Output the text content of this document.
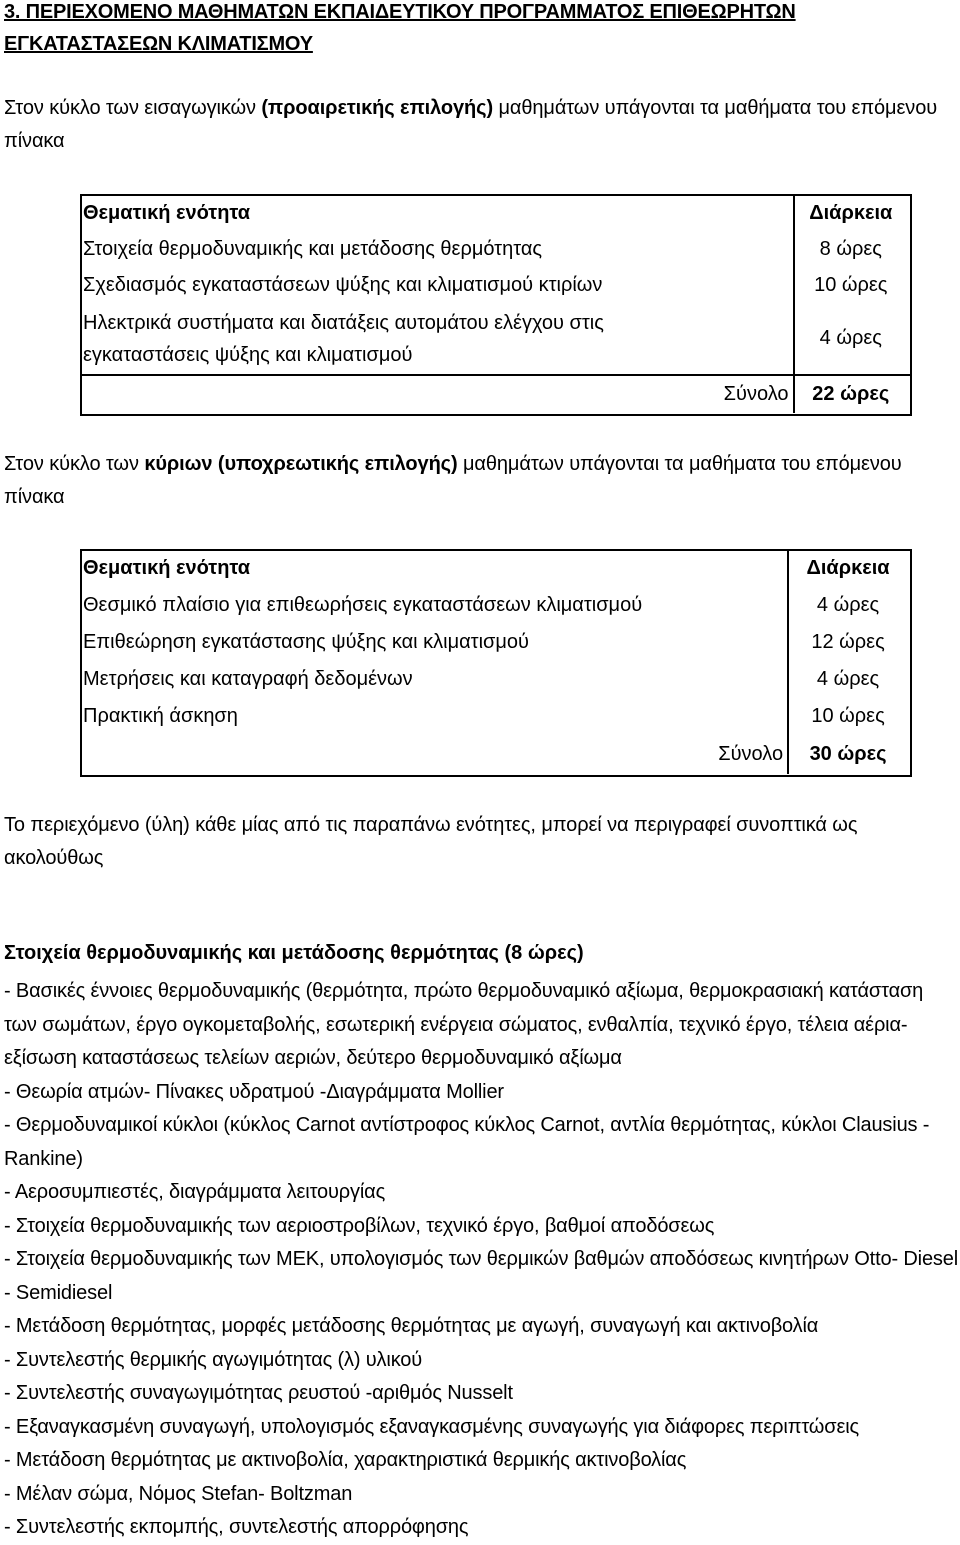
3. ΠΕΡΙΕΧΟΜΕΝΟ ΜΑΘΗΜΑΤΩΝ ΕΚΠΑΙΔΕΥΤΙΚΟΥ ΠΡΟΓΡΑΜΜΑΤΟΣ ΕΠΙΘΕΩΡΗΤΩΝ ΕΓΚΑΤΑΣΤΑΣΕΩΝ ΚΛΙΜΑΤΙΣΜΟΥ
Στον κύκλο των εισαγωγικών (προαιρετικής επιλογής) μαθημάτων υπάγονται τα μαθήματα του επόμενου πίνακα
Θεματική ενότητα	Διάρκεια
Στοιχεία θερμοδυναμικής και μετάδοσης θερμότητας	8 ώρες
Σχεδιασμός εγκαταστάσεων ψύξης και κλιματισμού κτιρίων	10 ώρες
Ηλεκτρικά συστήματα και διατάξεις αυτομάτου ελέγχου στις εγκαταστάσεις ψύξης και κλιματισμού	4 ώρες
Σύνολο	22 ώρες
Στον κύκλο των κύριων (υποχρεωτικής επιλογής) μαθημάτων υπάγονται τα μαθήματα του επόμενου πίνακα
Θεματική ενότητα	Διάρκεια
Θεσμικό πλαίσιο για επιθεωρήσεις εγκαταστάσεων κλιματισμού	4 ώρες
Επιθεώρηση εγκατάστασης ψύξης και κλιματισμού	12 ώρες
Μετρήσεις και καταγραφή δεδομένων	4 ώρες
Πρακτική άσκηση	10 ώρες
Σύνολο	30 ώρες
Το περιεχόμενο (ύλη) κάθε μίας από τις παραπάνω ενότητες, μπορεί να περιγραφεί συνοπτικά ως ακολούθως
Στοιχεία θερμοδυναμικής και μετάδοσης θερμότητας (8 ώρες)
- Βασικές έννοιες θερμοδυναμικής (θερμότητα, πρώτο θερμοδυναμικό αξίωμα, θερμοκρασιακή κατάσταση των σωμάτων, έργο ογκομεταβολής, εσωτερική ενέργεια σώματος, ενθαλπία, τεχνικό έργο, τέλεια αέρια- εξίσωση καταστάσεως τελείων αεριών, δεύτερο θερμοδυναμικό αξίωμα
- Θεωρία ατμών- Πίνακες υδρατμού -Διαγράμματα Mollier
- Θερμοδυναμικοί κύκλοι (κύκλος Carnot αντίστροφος κύκλος Carnot, αντλία θερμότητας, κύκλοι Clausius - Rankine)
- Αεροσυμπιεστές, διαγράμματα λειτουργίας
- Στοιχεία θερμοδυναμικής των αεριοστροβίλων, τεχνικό έργο, βαθμοί αποδόσεως
- Στοιχεία θερμοδυναμικής των ΜΕΚ, υπολογισμός των θερμικών βαθμών αποδόσεως κινητήρων Otto- Diesel - Semidiesel
- Μετάδοση θερμότητας, μορφές μετάδοσης θερμότητας με αγωγή, συναγωγή και ακτινοβολία
- Συντελεστής θερμικής αγωγιμότητας (λ) υλικού
- Συντελεστής συναγωγιμότητας ρευστού -αριθμός Nusselt
- Εξαναγκασμένη συναγωγή, υπολογισμός εξαναγκασμένης συναγωγής για διάφορες περιπτώσεις
- Μετάδοση θερμότητας με ακτινοβολία, χαρακτηριστικά θερμικής ακτινοβολίας
- Μέλαν σώμα, Νόμος Stefan- Boltzman
- Συντελεστής εκπομπής, συντελεστής απορρόφησης
